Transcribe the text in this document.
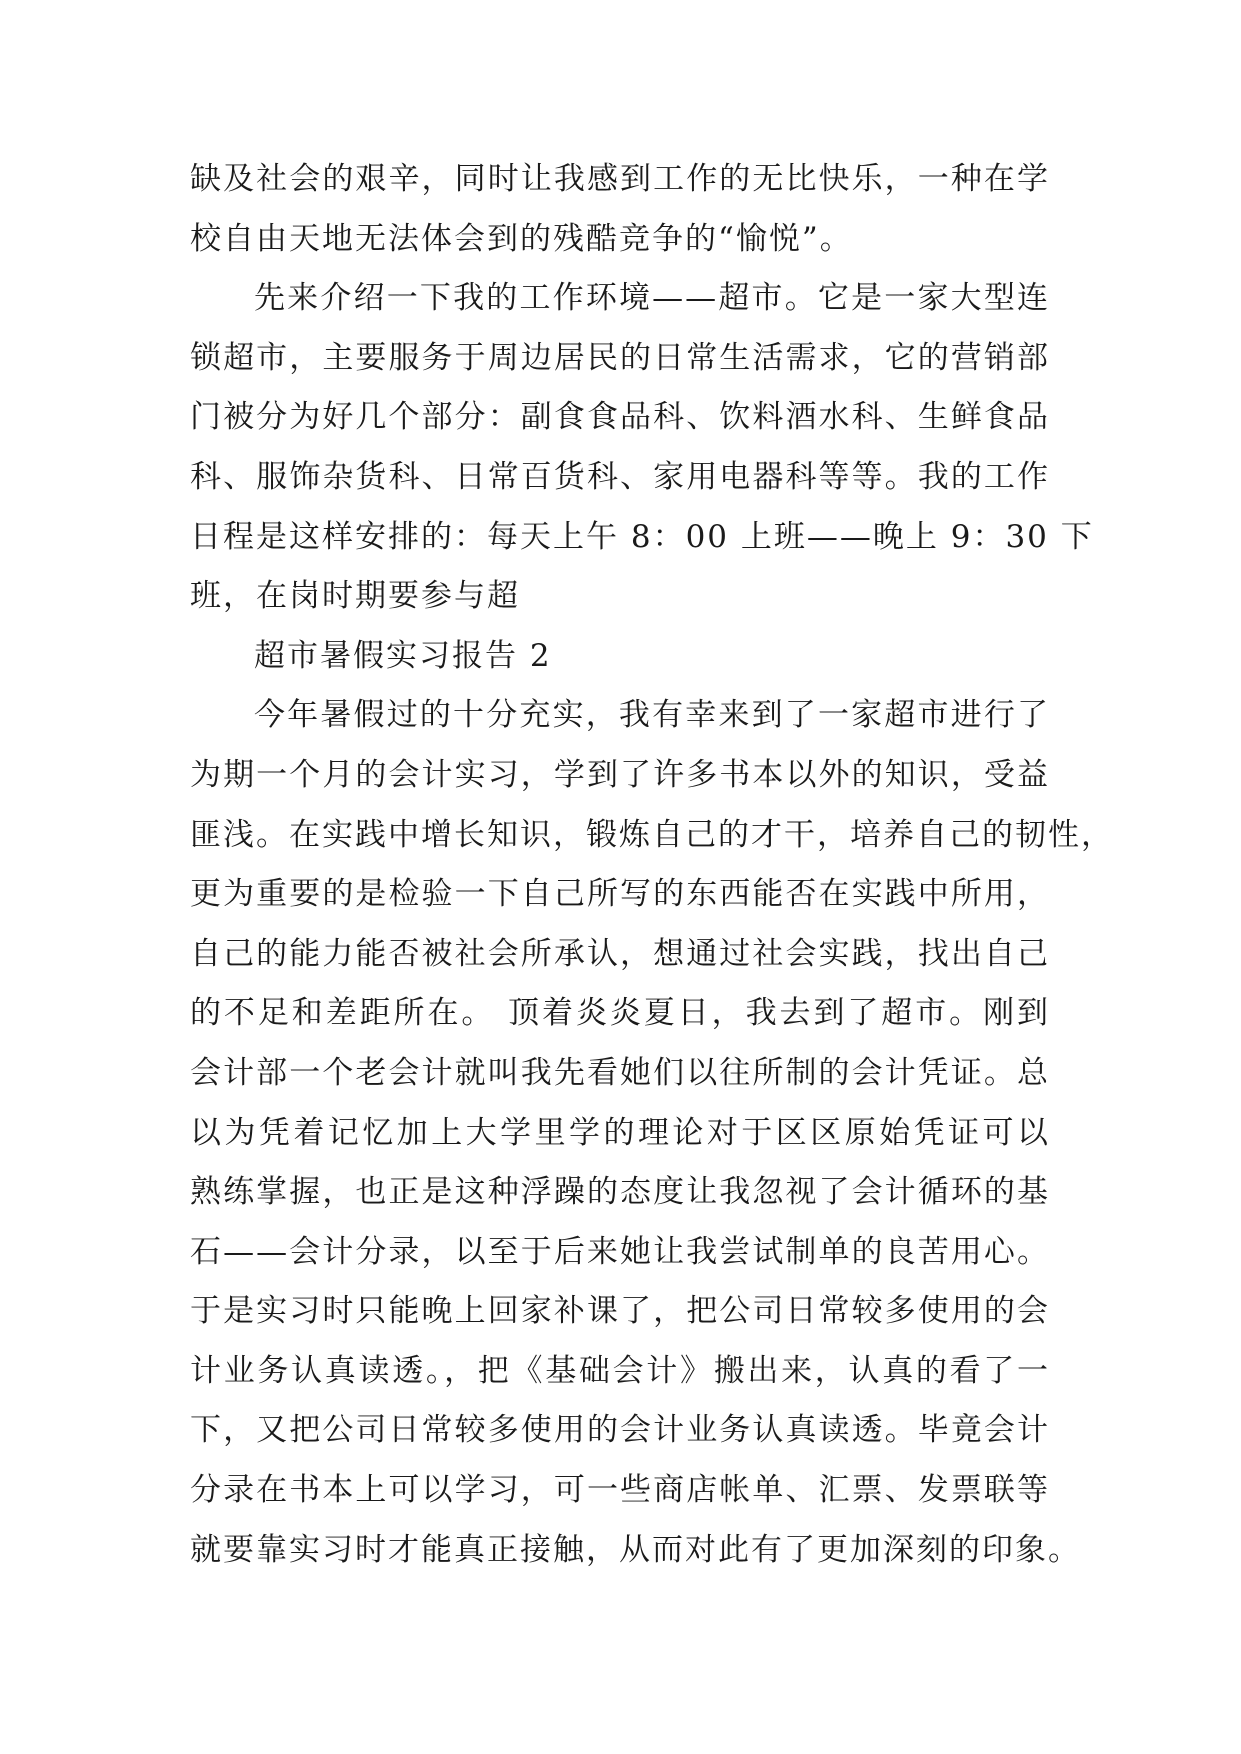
缺及社会的艰辛，同时让我感到工作的无比快乐，一种在学
校自由天地无法体会到的残酷竞争的“愉悦”。
先来介绍一下我的工作环境——超市。它是一家大型连
锁超市，主要服务于周边居民的日常生活需求，它的营销部
门被分为好几个部分：副食食品科、饮料酒水科、生鲜食品
科、服饰杂货科、日常百货科、家用电器科等等。我的工作
日程是这样安排的：每天上午 8：00 上班——晚上 9：30 下
班，在岗时期要参与超
超市暑假实习报告 2
今年暑假过的十分充实，我有幸来到了一家超市进行了
为期一个月的会计实习，学到了许多书本以外的知识，受益
匪浅。在实践中增长知识，锻炼自己的才干，培养自己的韧性，
更为重要的是检验一下自己所写的东西能否在实践中所用，
自己的能力能否被社会所承认，想通过社会实践，找出自己
的不足和差距所在。 顶着炎炎夏日，我去到了超市。刚到
会计部一个老会计就叫我先看她们以往所制的会计凭证。总
以为凭着记忆加上大学里学的理论对于区区原始凭证可以
熟练掌握，也正是这种浮躁的态度让我忽视了会计循环的基
石——会计分录，以至于后来她让我尝试制单的良苦用心。
于是实习时只能晚上回家补课了，把公司日常较多使用的会
计业务认真读透。，把《基础会计》搬出来，认真的看了一
下，又把公司日常较多使用的会计业务认真读透。毕竟会计
分录在书本上可以学习，可一些商店帐单、汇票、发票联等
就要靠实习时才能真正接触，从而对此有了更加深刻的印象。
